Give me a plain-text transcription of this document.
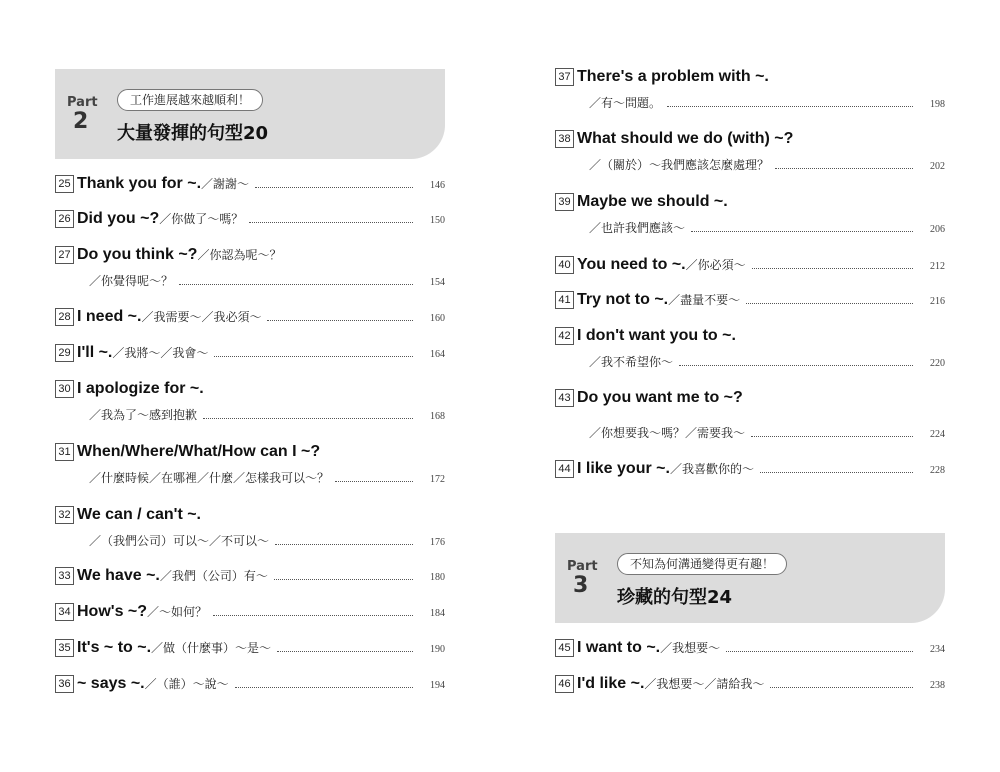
Part
2
工作進展越來越順利！
大量發揮的句型20
25 Thank you for ~. ／謝謝～	146
26 Did you ~? ／你做了～嗎？	150
27 Do you think ~? ／你認為呢～？
／你覺得呢～？	154
28 I need ~. ／我需要～／我必須～	160
29 I'll ~. ／我將～／我會～	164
30 I apologize for ~.
／我為了～感到抱歉	168
31 When/Where/What/How can I ~?
／什麼時候／在哪裡／什麼／怎樣我可以～？	172
32 We can / can't ~.
／（我們公司）可以～／不可以～	176
33 We have ~. ／我們（公司）有～	180
34 How's ~? ／～如何？	184
35 It's ~ to ~. ／做（什麼事）～是～	190
36 ~ says ~. ／（誰）～說～	194
37 There's a problem with ~.
／有～問題。	198
38 What should we do (with) ~?
／（關於）～我們應該怎麼處理？	202
39 Maybe we should ~.
／也許我們應該～	206
40 You need to ~. ／你必須～	212
41 Try not to ~. ／盡量不要～	216
42 I don't want you to ~.
／我不希望你～	220
43 Do you want me to ~?
／你想要我～嗎？／需要我～	224
44 I like your ~. ／我喜歡你的～	228
Part
3
不知為何溝通變得更有趣！
珍藏的句型24
45 I want to ~. ／我想要～	234
46 I'd like ~. ／我想要～／請給我～	238
